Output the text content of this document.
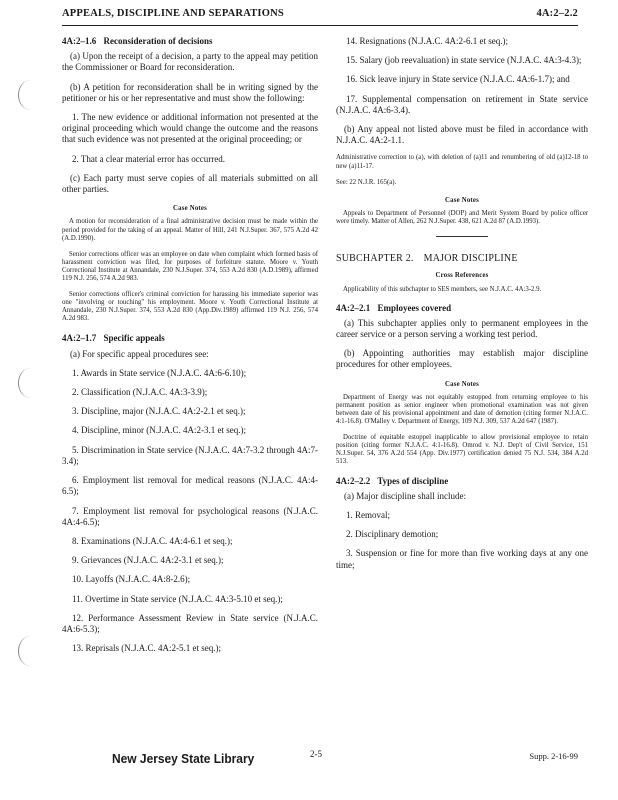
APPEALS, DISCIPLINE AND SEPARATIONS	4A:2–2.2
4A:2–1.6 Reconsideration of decisions

(a) Upon the receipt of a decision, a party to the appeal may petition the Commissioner or Board for reconsideration.

(b) A petition for reconsideration shall be in writing signed by the petitioner or his or her representative and must show the following:

1. The new evidence or additional information not presented at the original proceeding which would change the outcome and the reasons that such evidence was not presented at the original proceeding; or

2. That a clear material error has occurred.

(c) Each party must serve copies of all materials submitted on all other parties.

Case Notes

A motion for reconsideration of a final administrative decision must be made within the period provided for the taking of an appeal. Matter of Hill, 241 N.J.Super. 367, 575 A.2d 42 (A.D.1990).

Senior corrections officer was an employee on date when complaint which formed basis of harassment conviction was filed, for purposes of forfeiture statute. Moore v. Youth Correctional Institute at Annandale, 230 N.J.Super. 374, 553 A.2d 830 (A.D.1989), affirmed 119 N.J. 256, 574 A.2d 983.

Senior corrections officer's criminal conviction for harassing his immediate superior was one "involving or touching" his employment. Moore v. Youth Correctional Institute at Annandale, 230 N.J.Super. 374, 553 A.2d 830 (App.Div.1989) affirmed 119 N.J. 256, 574 A.2d 983.

4A:2–1.7 Specific appeals

(a) For specific appeal procedures see:

1. Awards in State service (N.J.A.C. 4A:6-6.10);

2. Classification (N.J.A.C. 4A:3-3.9);

3. Discipline, major (N.J.A.C. 4A:2-2.1 et seq.);

4. Discipline, minor (N.J.A.C. 4A:2-3.1 et seq.);

5. Discrimination in State service (N.J.A.C. 4A:7-3.2 through 4A:7-3.4);

6. Employment list removal for medical reasons (N.J.A.C. 4A:4-6.5);

7. Employment list removal for psychological reasons (N.J.A.C. 4A:4-6.5);

8. Examinations (N.J.A.C. 4A:4-6.1 et seq.);

9. Grievances (N.J.A.C. 4A:2-3.1 et seq.);

10. Layoffs (N.J.A.C. 4A:8-2.6);

11. Overtime in State service (N.J.A.C. 4A:3-5.10 et seq.);

12. Performance Assessment Review in State service (N.J.A.C. 4A:6-5.3);

13. Reprisals (N.J.A.C. 4A:2-5.1 et seq.);

14. Resignations (N.J.A.C. 4A:2-6.1 et seq.);

15. Salary (job reevaluation) in state service (N.J.A.C. 4A:3-4.3);

16. Sick leave injury in State service (N.J.A.C. 4A:6-1.7); and

17. Supplemental compensation on retirement in State service (N.J.A.C. 4A:6-3.4).

(b) Any appeal not listed above must be filed in accordance with N.J.A.C. 4A:2-1.1.

Administrative correction to (a), with deletion of (a)11 and renumbering of old (a)12-18 to new (a)11-17.

See: 22 N.J.R. 165(a).

Case Notes

Appeals to Department of Personnel (DOP) and Merit System Board by police officer were timely. Matter of Allen, 262 N.J.Super. 438, 621 A.2d 87 (A.D.1993).

SUBCHAPTER 2. MAJOR DISCIPLINE
Cross References

Applicability of this subchapter to SES members, see N.J.A.C. 4A:3-2.9.

4A:2–2.1 Employees covered

(a) This subchapter applies only to permanent employees in the career service or a person serving a working test period.

(b) Appointing authorities may establish major discipline procedures for other employees.

Case Notes

Department of Energy was not equitably estopped from returning employee to his permanent position as senior engineer when promotional examination was not given between date of his provisional appointment and date of demotion (citing former N.J.A.C. 4:1-16.8). O'Malley v. Department of Energy, 109 N.J. 309, 537 A.2d 647 (1987).

Doctrine of equitable estoppel inapplicable to allow provisional employee to retain position (citing former N.J.A.C. 4:1-16.8). Omrod v. N.J. Dep't of Civil Service, 151 N.J.Super. 54, 376 A.2d 554 (App. Div.1977) certification denied 75 N.J. 534, 384 A.2d 513.

4A:2–2.2 Types of discipline

(a) Major discipline shall include:

1. Removal;

2. Disciplinary demotion;

3. Suspension or fine for more than five working days at any one time;

New Jersey State Library	2-5	Supp. 2-16-99
